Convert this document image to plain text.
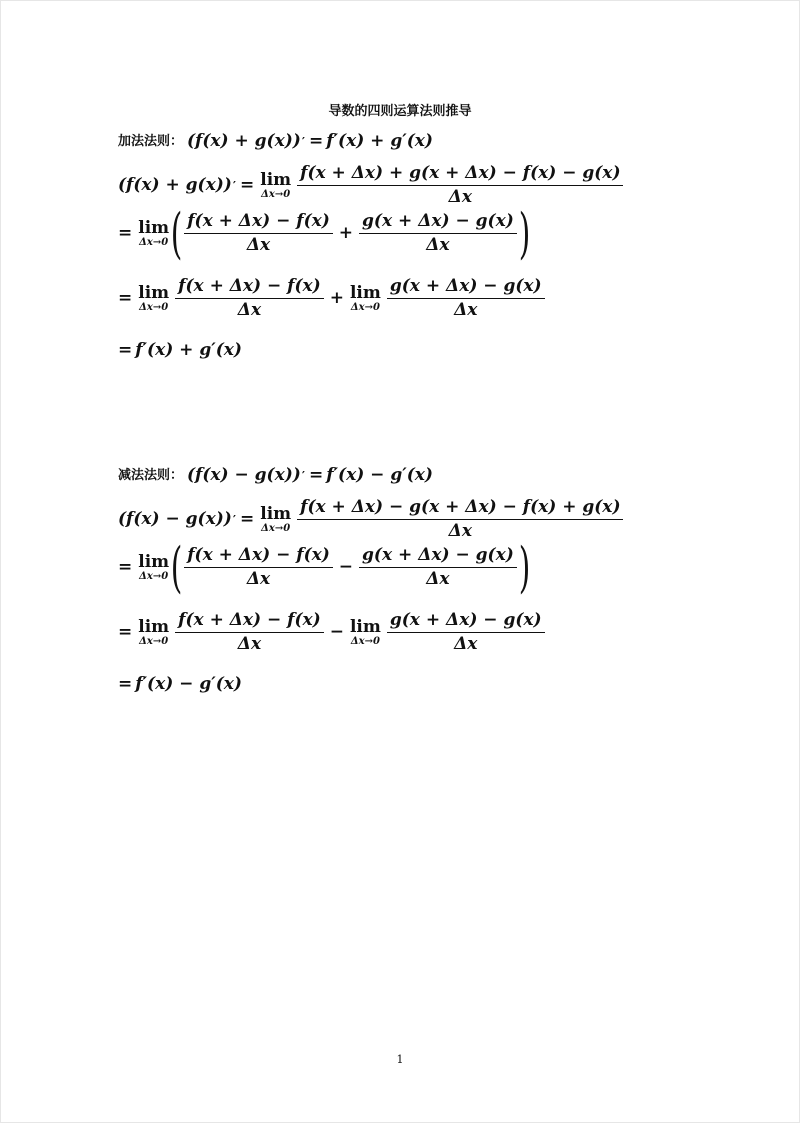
导数的四则运算法则推导
加法法则： (f(x) + g(x)) ′ = f′(x) + g′(x)
(f(x) + g(x)) ′ = lim
$\Delta x\to 0 \frac{f(x + \Delta x) + g(x + \Delta x) - f(x) - g(x)}{\Delta x}$
= lim
Δx→0 ( $\frac{f(x + \Delta x) - f(x)}{\Delta x} + \frac{g(x + \Delta x) - g(x)}{\Delta x}$ )
= lim
$\Delta x\to 0 \frac{f(x + \Delta x) - f(x)}{\Delta x} + \lim$
$\Delta x\to 0 \frac{g(x + \Delta x) - g(x)}{\Delta x}$
= f′(x) + g′(x)
减法法则： (f(x) − g(x)) ′ = f′(x) − g′(x)
(f(x) − g(x)) ′ = lim
$\Delta x\to 0 \frac{f(x + \Delta x) - g(x + \Delta x) - f(x) + g(x)}{\Delta x}$
= lim
Δx→0 ( $\frac{f(x + \Delta x) - f(x)}{\Delta x} - \frac{g(x + \Delta x) - g(x)}{\Delta x}$ )
= lim
$\Delta x\to 0 \frac{f(x + \Delta x) - f(x)}{\Delta x} - \lim$
$\Delta x\to 0 \frac{g(x + \Delta x) - g(x)}{\Delta x}$
= f′(x) − g′(x)
1
